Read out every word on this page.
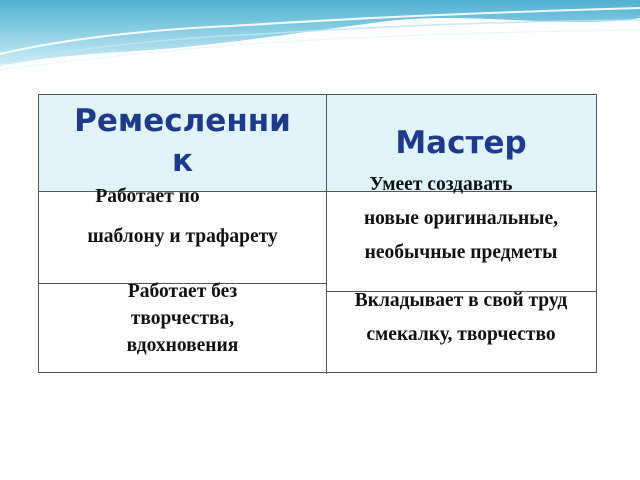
Ремесленни
к	Мастер
Работает по
шаблону и трафарету
Умеет создавать
новые оригинальные,
необычные предметы
Работает без
творчества,
вдохновения
Вкладывает в свой труд
смекалку, творчество
